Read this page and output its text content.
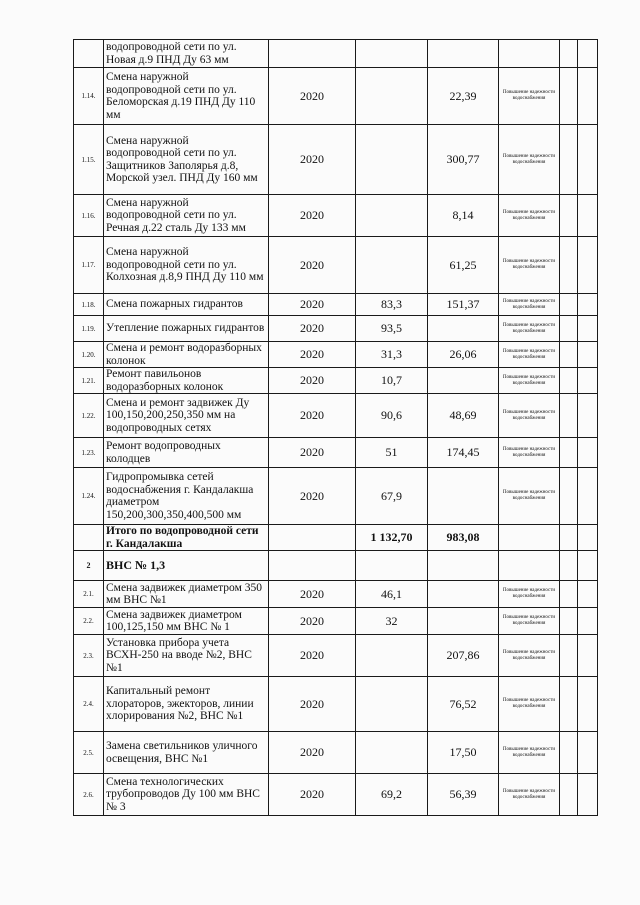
	водопроводной сети по ул. Новая д.9 ПНД Ду 63 мм						
1.14.	Смена наружной водопроводной сети по ул. Беломорская д.19 ПНД Ду 110 мм	2020		22,39	Повышение надежности водоснабжения		
1.15.	Смена наружной водопроводной сети по ул. Защитников Заполярья д.8, Морской узел. ПНД Ду 160 мм	2020		300,77	Повышение надежности водоснабжения		
1.16.	Смена наружной водопроводной сети по ул. Речная д.22 сталь Ду 133 мм	2020		8,14	Повышение надежности водоснабжения		
1.17.	Смена наружной водопроводной сети по ул. Колхозная д.8,9 ПНД Ду 110 мм	2020		61,25	Повышение надежности водоснабжения		
1.18.	Смена пожарных гидрантов	2020	83,3	151,37	Повышение надежности водоснабжения		
1.19.	Утепление пожарных гидрантов	2020	93,5		Повышение надежности водоснабжения		
1.20.	Смена и ремонт водоразборных колонок	2020	31,3	26,06	Повышение надежности водоснабжения		
1.21.	Ремонт павильонов водоразборных колонок	2020	10,7		Повышение надежности водоснабжения		
1.22.	Смена и ремонт задвижек Ду 100,150,200,250,350 мм на водопроводных сетях	2020	90,6	48,69	Повышение надежности водоснабжения		
1.23.	Ремонт водопроводных колодцев	2020	51	174,45	Повышение надежности водоснабжения		
1.24.	Гидропромывка сетей водоснабжения г. Кандалакша диаметром 150,200,300,350,400,500 мм	2020	67,9		Повышение надежности водоснабжения		
	Итого по водопроводной сети г. Кандалакша		1 132,70	983,08			
2	ВНС № 1,3						
2.1.	Смена задвижек диаметром 350 мм ВНС №1	2020	46,1		Повышение надежности водоснабжения		
2.2.	Смена задвижек диаметром 100,125,150 мм ВНС № 1	2020	32		Повышение надежности водоснабжения		
2.3.	Установка прибора учета ВСХН-250 на вводе №2, ВНС №1	2020		207,86	Повышение надежности водоснабжения		
2.4.	Капитальный ремонт хлораторов, эжекторов, линии хлорирования №2, ВНС №1	2020		76,52	Повышение надежности водоснабжения		
2.5.	Замена светильников уличного освещения, ВНС №1	2020		17,50	Повышение надежности водоснабжения		
2.6.	Смена технологических трубопроводов Ду 100 мм ВНС № 3	2020	69,2	56,39	Повышение надежности водоснабжения		
